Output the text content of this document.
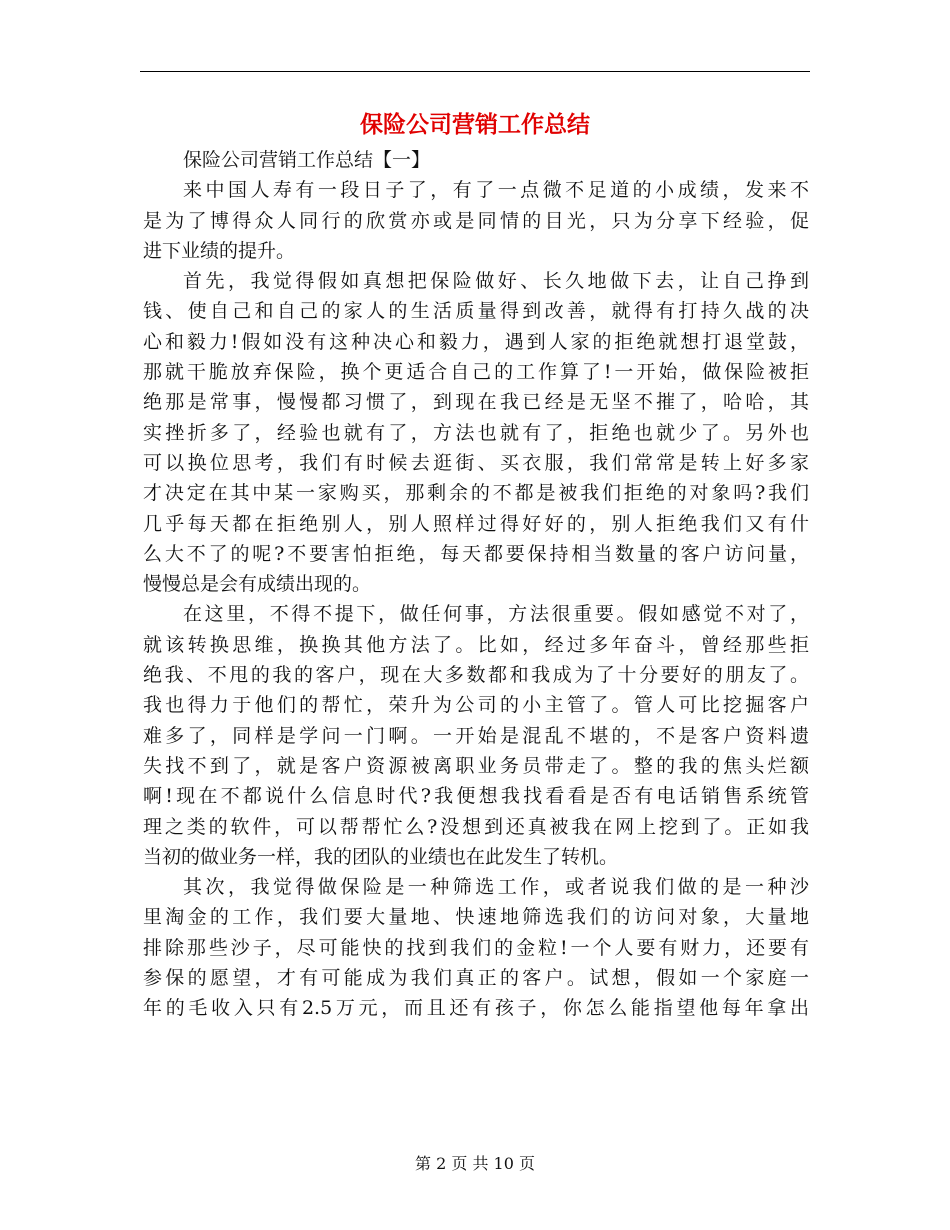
保险公司营销工作总结
保险公司营销工作总结【一】
来中国人寿有一段日子了，有了一点微不足道的小成绩，发来不
是为了博得众人同行的欣赏亦或是同情的目光，只为分享下经验，促
进下业绩的提升。
首先，我觉得假如真想把保险做好、长久地做下去，让自己挣到
钱、使自己和自己的家人的生活质量得到改善，就得有打持久战的决
心和毅力!假如没有这种决心和毅力，遇到人家的拒绝就想打退堂鼓，
那就干脆放弃保险，换个更适合自己的工作算了!一开始，做保险被拒
绝那是常事，慢慢都习惯了，到现在我已经是无坚不摧了，哈哈，其
实挫折多了，经验也就有了，方法也就有了，拒绝也就少了。另外也
可以换位思考，我们有时候去逛街、买衣服，我们常常是转上好多家
才决定在其中某一家购买，那剩余的不都是被我们拒绝的对象吗?我们
几乎每天都在拒绝别人，别人照样过得好好的，别人拒绝我们又有什
么大不了的呢?不要害怕拒绝，每天都要保持相当数量的客户访问量，
慢慢总是会有成绩出现的。
在这里，不得不提下，做任何事，方法很重要。假如感觉不对了，
就该转换思维，换换其他方法了。比如，经过多年奋斗，曾经那些拒
绝我、不甩的我的客户，现在大多数都和我成为了十分要好的朋友了。
我也得力于他们的帮忙，荣升为公司的小主管了。管人可比挖掘客户
难多了，同样是学问一门啊。一开始是混乱不堪的，不是客户资料遗
失找不到了，就是客户资源被离职业务员带走了。整的我的焦头烂额
啊!现在不都说什么信息时代?我便想我找看看是否有电话销售系统管
理之类的软件，可以帮帮忙么?没想到还真被我在网上挖到了。正如我
当初的做业务一样，我的团队的业绩也在此发生了转机。
其次，我觉得做保险是一种筛选工作，或者说我们做的是一种沙
里淘金的工作，我们要大量地、快速地筛选我们的访问对象，大量地
排除那些沙子，尽可能快的找到我们的金粒!一个人要有财力，还要有
参保的愿望，才有可能成为我们真正的客户。试想，假如一个家庭一
年的毛收入只有2.5万元，而且还有孩子，你怎么能指望他每年拿出
第 2 页 共 10 页
